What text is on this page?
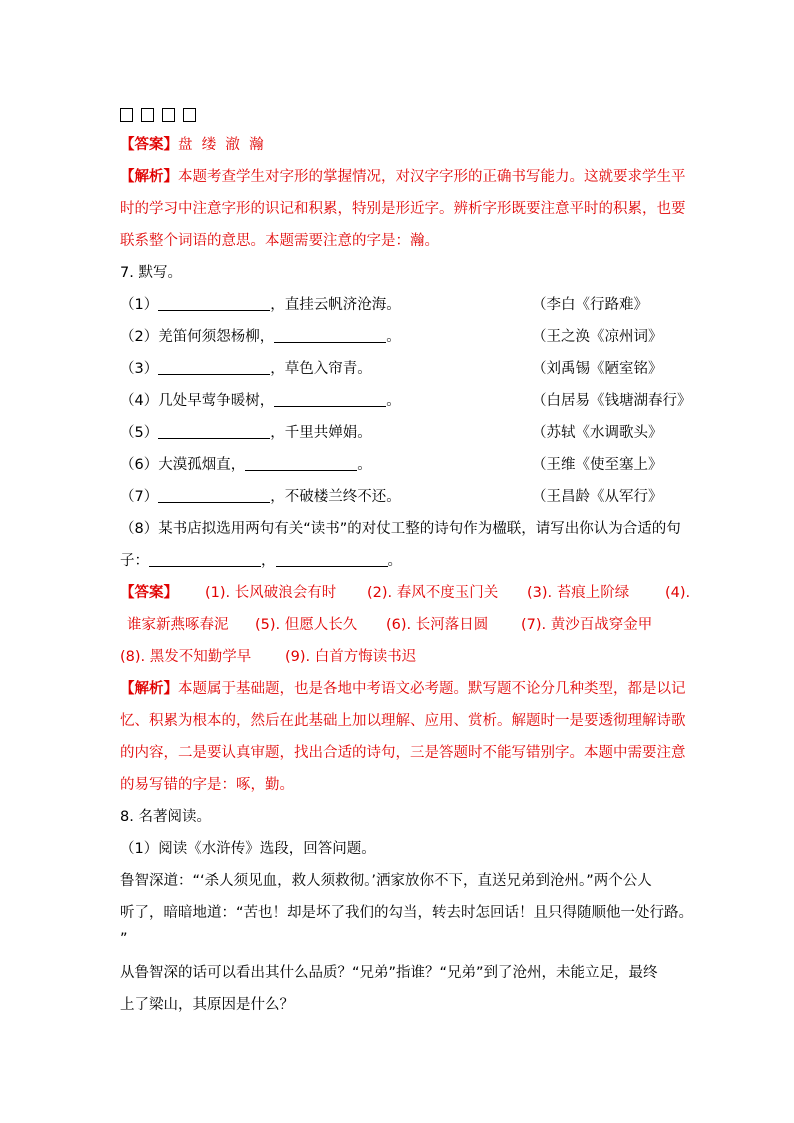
【答案】盘  缕  澈  瀚
【解析】本题考查学生对字形的掌握情况，对汉字字形的正确书写能力。这就要求学生平
时的学习中注意字形的识记和积累，特别是形近字。辨析字形既要注意平时的积累，也要
联系整个词语的意思。本题需要注意的字是：瀚。
7. 默写。
（1）	，直挂云帆济沧海。	（李白《行路难》
（2）羌笛何须怨杨柳，	。	（王之涣《凉州词》
（3）	，草色入帘青。	（刘禹锡《陋室铭》
（4）几处早莺争暖树，	。	（白居易《钱塘湖春行》
（5）	，千里共婵娟。	（苏轼《水调歌头》
（6）大漠孤烟直，	。	（王维《使至塞上》
（7）	，不破楼兰终不还。	（王昌龄《从军行》
（8）某书店拟选用两句有关“读书”的对仗工整的诗句作为楹联，请写出你认为合适的句
子：	，	。
【答案】 (1). 长风破浪会有时 (2). 春风不度玉门关 (3). 苔痕上阶绿 (4).
谁家新燕啄春泥 (5). 但愿人长久 (6). 长河落日圆 (7). 黄沙百战穿金甲
(8). 黑发不知勤学早 (9). 白首方悔读书迟
【解析】本题属于基础题，也是各地中考语文必考题。默写题不论分几种类型，都是以记
忆、积累为根本的，然后在此基础上加以理解、应用、赏析。解题时一是要透彻理解诗歌
的内容，二是要认真审题，找出合适的诗句，三是答题时不能写错别字。本题中需要注意
的易写错的字是：啄，勤。
8. 名著阅读。
（1）阅读《水浒传》选段，回答问题。
鲁智深道：“‘杀人须见血，救人须救彻。’洒家放你不下，直送兄弟到沧州。”两个公人
听了，暗暗地道：“苦也！却是坏了我们的勾当，转去时怎回话！且只得随顺他一处行路。
”
从鲁智深的话可以看出其什么品质？“兄弟”指谁？“兄弟”到了沧州，未能立足，最终
上了梁山，其原因是什么？
